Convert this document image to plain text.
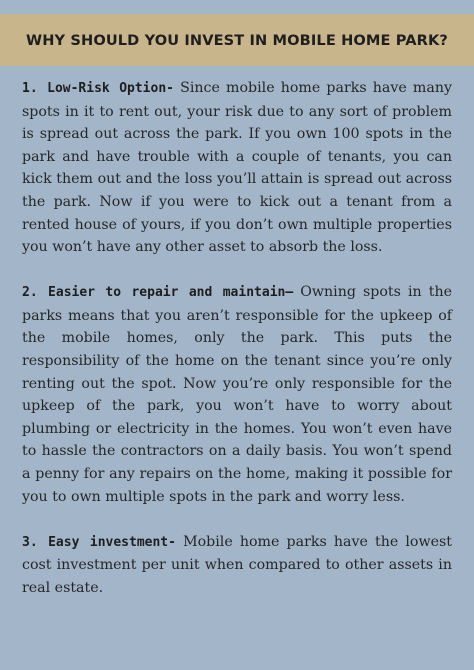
WHY SHOULD YOU INVEST IN MOBILE HOME PARK?

1. Low-Risk Option- Since mobile home parks have many spots in it to rent out, your risk due to any sort of problem is spread out across the park. If you own 100 spots in the park and have trouble with a couple of tenants, you can kick them out and the loss you’ll attain is spread out across the park. Now if you were to kick out a tenant from a rented house of yours, if you don’t own multiple properties you won’t have any other asset to absorb the loss.

2. Easier to repair and maintain– Owning spots in the parks means that you aren’t responsible for the upkeep of the mobile homes, only the park. This puts the responsibility of the home on the tenant since you’re only renting out the spot. Now you’re only responsible for the upkeep of the park, you won’t have to worry about plumbing or electricity in the homes. You won’t even have to hassle the contractors on a daily basis. You won’t spend a penny for any repairs on the home, making it possible for you to own multiple spots in the park and worry less.

3. Easy investment- Mobile home parks have the lowest cost investment per unit when compared to other assets in real estate.
